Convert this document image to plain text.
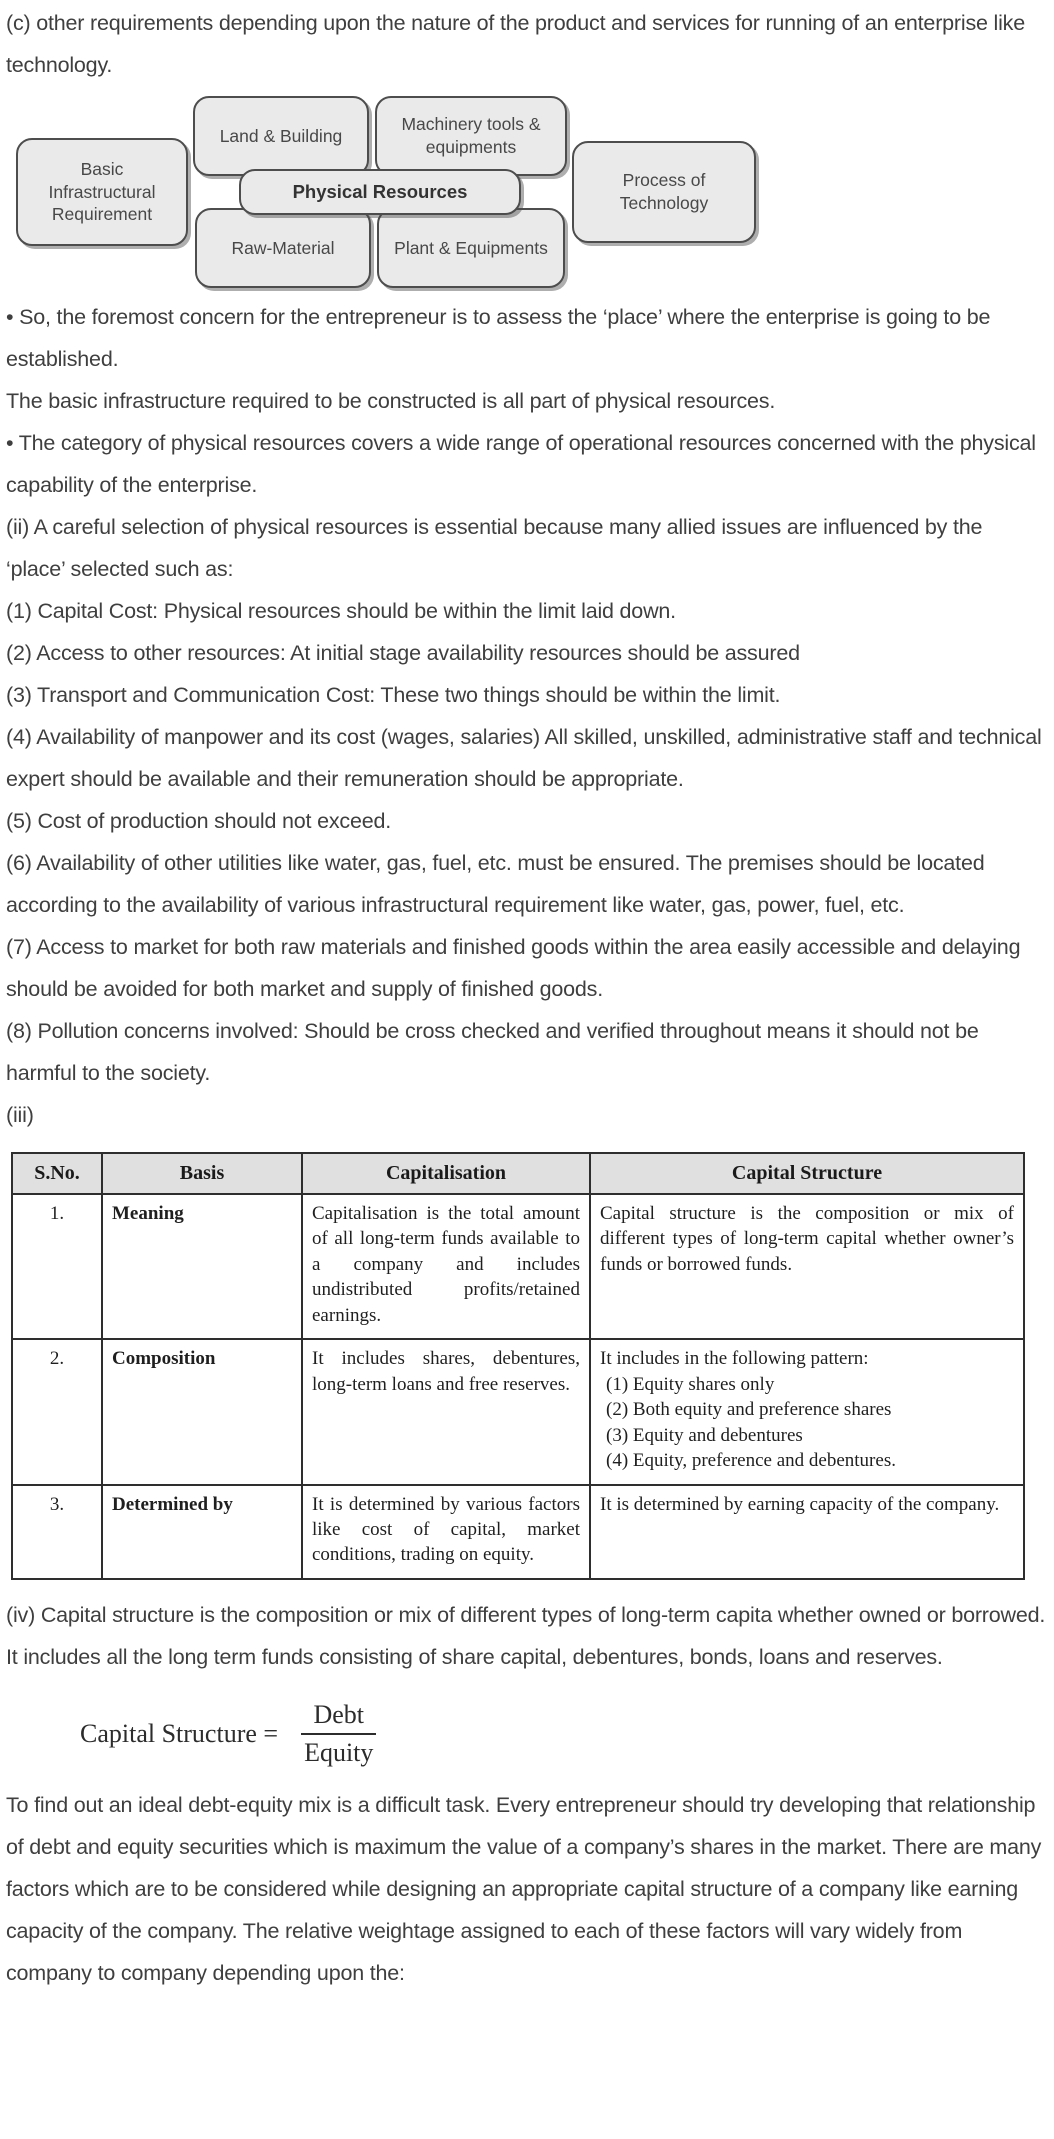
(c) other requirements depending upon the nature of the product and services for running of an enterprise like technology.

Basic Infrastructural Requirement
Land & Building
Machinery tools & equipments
Physical Resources
Raw-Material	Plant & Equipments
Process of Technology

• So, the foremost concern for the entrepreneur is to assess the ‘place’ where the enterprise is going to be established.

The basic infrastructure required to be constructed is all part of physical resources.

• The category of physical resources covers a wide range of operational resources concerned with the physical capability of the enterprise.

(ii) A careful selection of physical resources is essential because many allied issues are influenced by the ‘place’ selected such as:

(1) Capital Cost: Physical resources should be within the limit laid down.

(2) Access to other resources: At initial stage availability resources should be assured

(3) Transport and Communication Cost: These two things should be within the limit.

(4) Availability of manpower and its cost (wages, salaries) All skilled, unskilled, administrative staff and technical expert should be available and their remuneration should be appropriate.

(5) Cost of production should not exceed.

(6) Availability of other utilities like water, gas, fuel, etc. must be ensured. The premises should be located according to the availability of various infrastructural requirement like water, gas, power, fuel, etc.

(7) Access to market for both raw materials and finished goods within the area easily accessible and delaying should be avoided for both market and supply of finished goods.

(8) Pollution concerns involved: Should be cross checked and verified throughout means it should not be harmful to the society.

(iii)

S.No.	Basis	Capitalisation	Capital Structure
1.	Meaning	Capitalisation is the total amount of all long-term funds available to a company and includes undistributed profits/retained earnings.	Capital structure is the composition or mix of different types of long-term capital whether owner’s funds or borrowed funds.
2.	Composition	It includes shares, debentures, long-term loans and free reserves.	It includes in the following pattern:
(1) Equity shares only
(2) Both equity and preference shares
(3) Equity and debentures
(4) Equity, preference and debentures.

3.	Determined by	It is determined by various factors like cost of capital, market conditions, trading on equity.	It is determined by earning capacity of the company.

(iv) Capital structure is the composition or mix of different types of long-term capita whether owned or borrowed. It includes all the long term funds consisting of share capital, debentures, bonds, loans and reserves.

Capital Structure = $\frac{\text{Debt}}{\text{Equity}}$

To find out an ideal debt-equity mix is a difficult task. Every entrepreneur should try developing that relationship of debt and equity securities which is maximum the value of a company’s shares in the market. There are many factors which are to be considered while designing an appropriate capital structure of a company like earning capacity of the company. The relative weightage assigned to each of these factors will vary widely from company to company depending upon the:
